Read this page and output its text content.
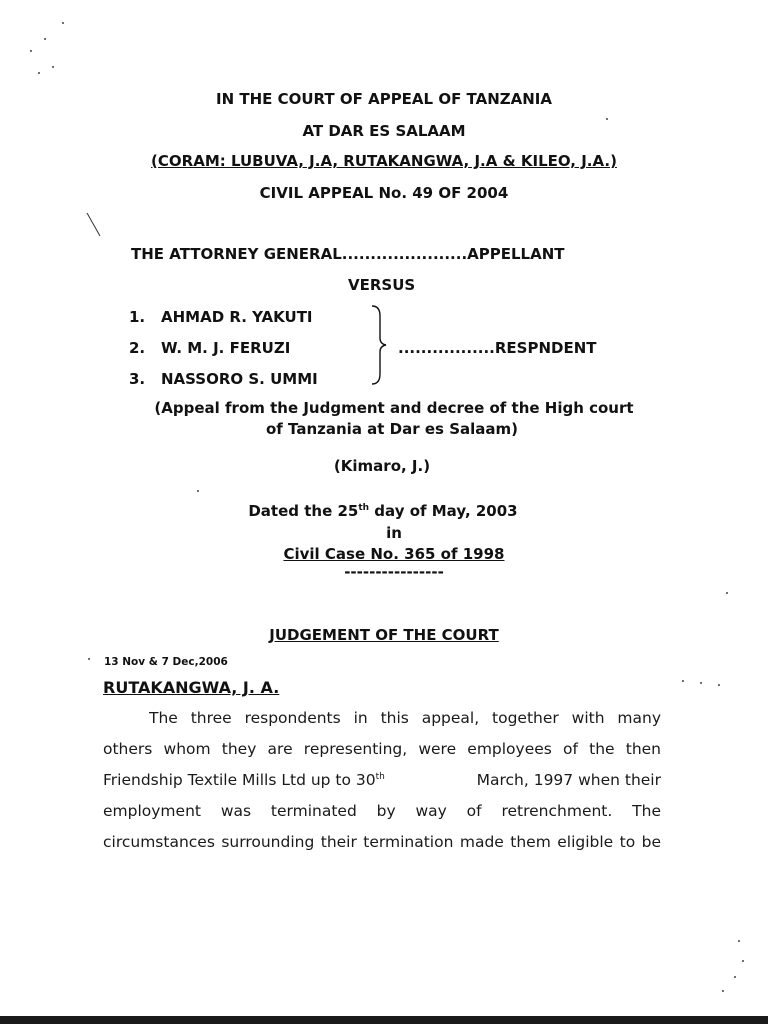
IN THE COURT OF APPEAL OF TANZANIA
AT DAR ES SALAAM
(CORAM: LUBUVA, J.A, RUTAKANGWA, J.A & KILEO, J.A.)
CIVIL APPEAL No. 49 OF 2004
THE ATTORNEY GENERAL......................APPELLANT
VERSUS
1. AHMAD R. YAKUTI
2. W. M. J. FERUZI
3. NASSORO S. UMMI
.................RESPNDENT
(Appeal from the Judgment and decree of the High court
of Tanzania at Dar es Salaam)
(Kimaro, J.)
Dated the 25th day of May, 2003
in
Civil Case No. 365 of 1998
----------------
JUDGEMENT OF THE COURT
13 Nov & 7 Dec,2006
RUTAKANGWA, J. A.
The three respondents in this appeal, together with many
others whom they are representing, were employees of the then
Friendship Textile Mills Ltd up to 30th	March, 1997 when their
employment was terminated by way of retrenchment. The
circumstances surrounding their termination made them eligible to be
